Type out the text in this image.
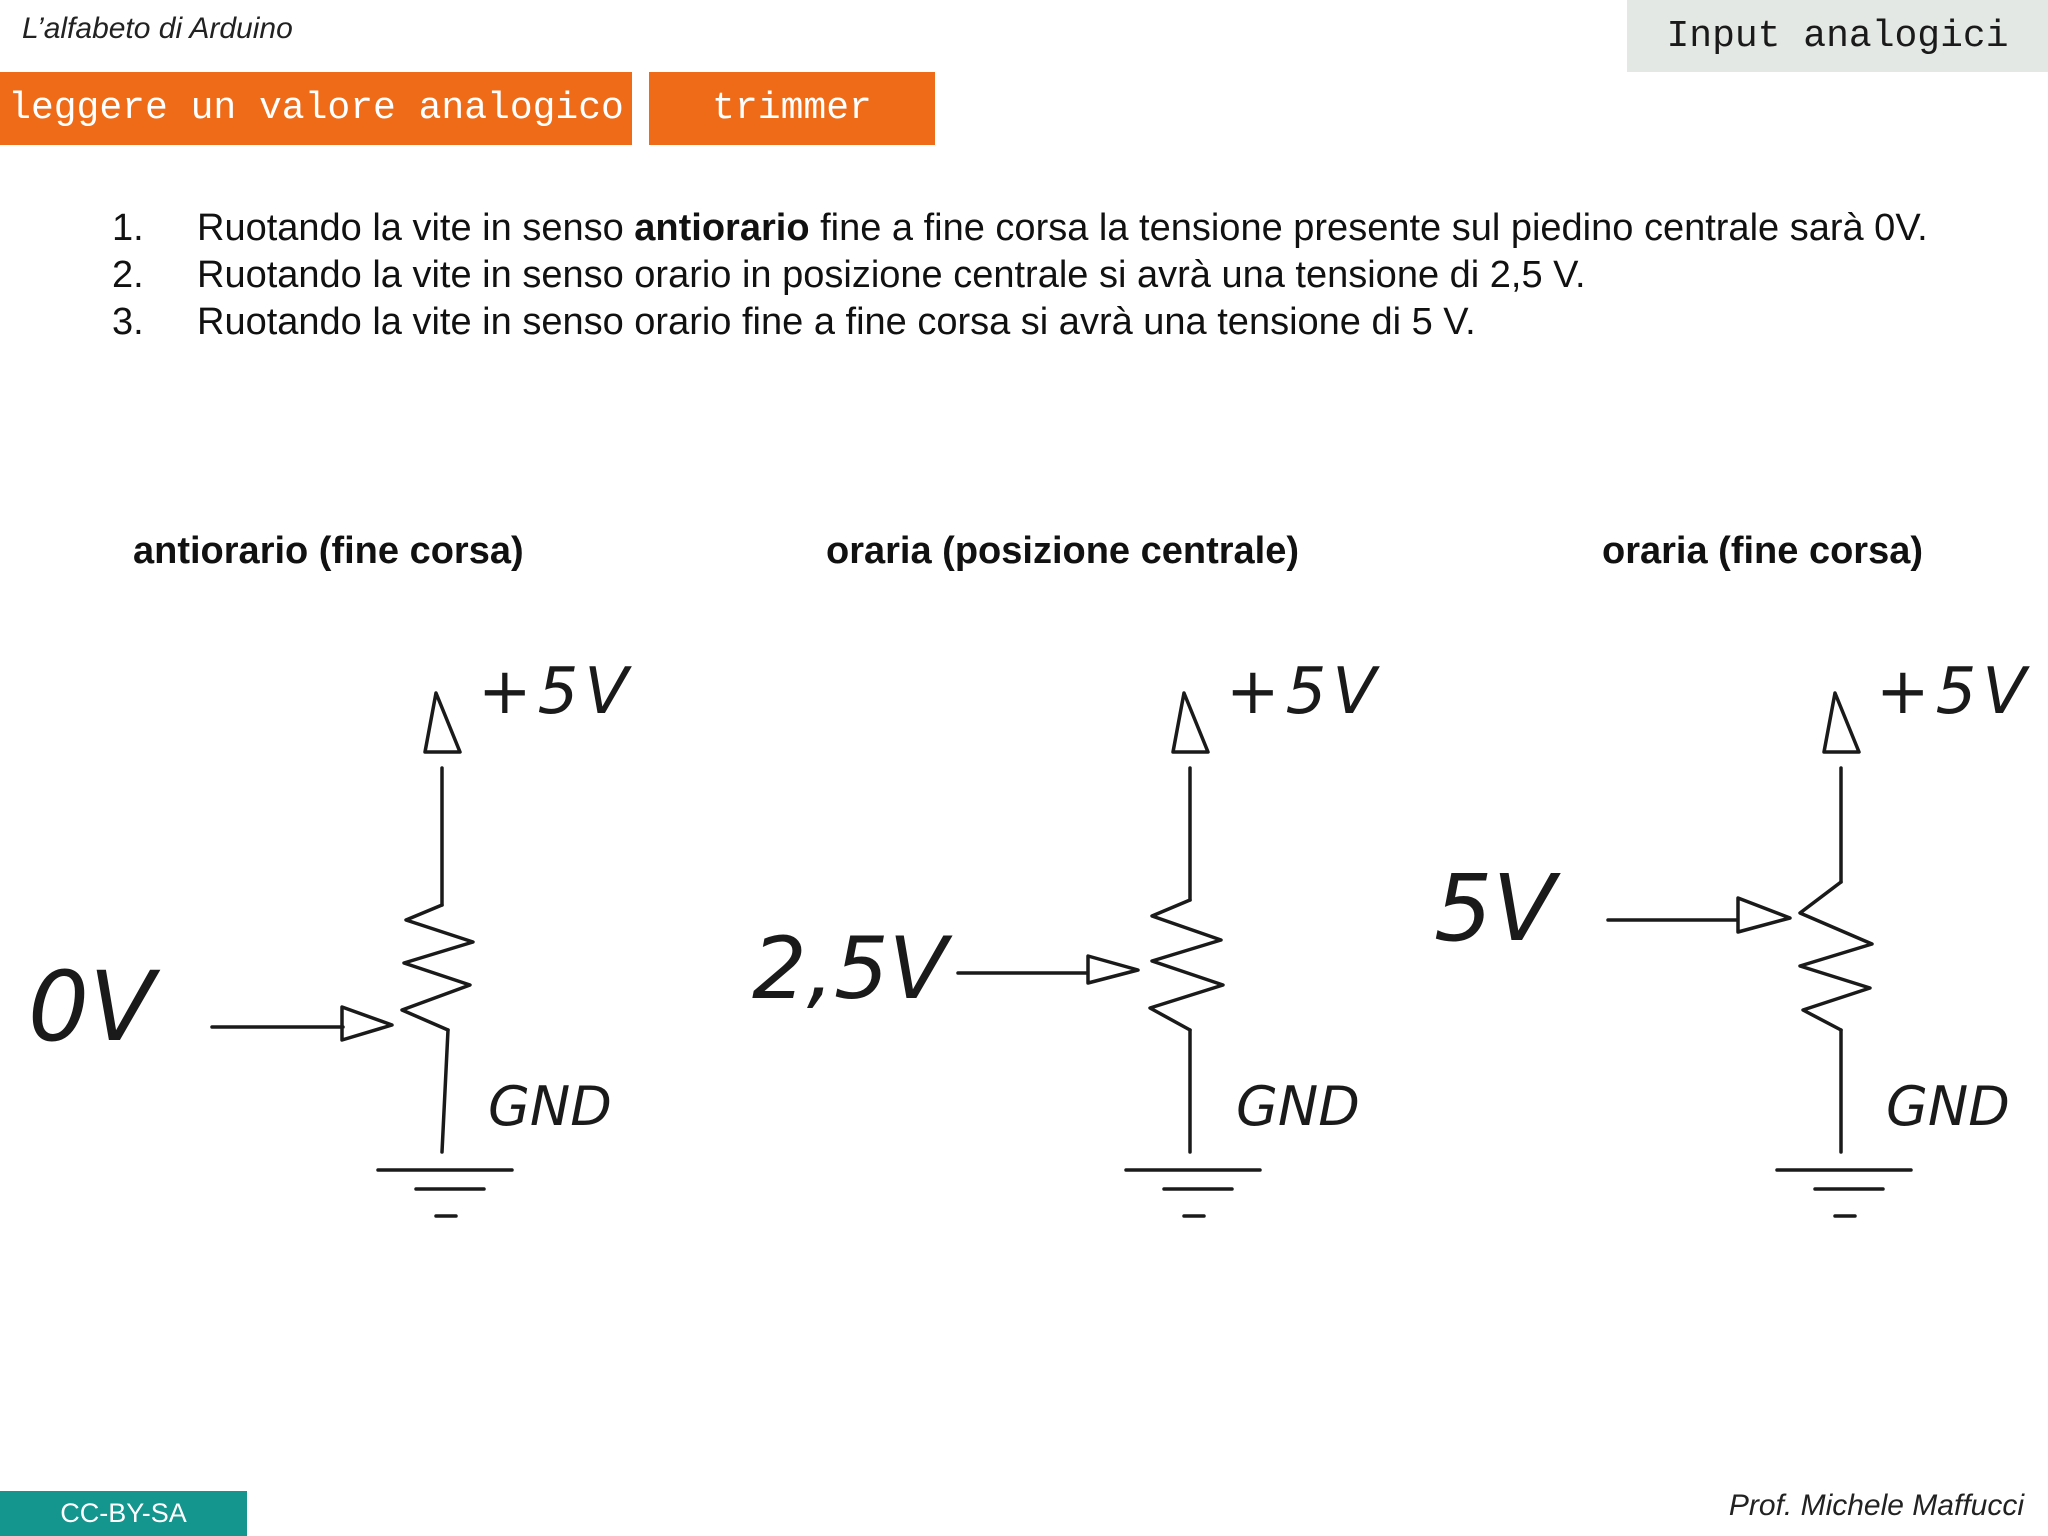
L’alfabeto di Arduino	Input analogici
leggere un valore analogico	trimmer
1.	Ruotando la vite in senso antiorario fine a fine corsa la tensione presente sul piedino centrale sarà 0V.
2.	Ruotando la vite in senso orario in posizione centrale si avrà una tensione di 2,5 V.
3.	Ruotando la vite in senso orario fine a fine corsa si avrà una tensione di 5 V.
antiorario (fine corsa)	oraria (posizione centrale)	oraria (fine corsa)
+5V
GND
0V
+5V
GND
2,5V
+5V
GND
5V
CC-BY-SA	Prof. Michele Maffucci
